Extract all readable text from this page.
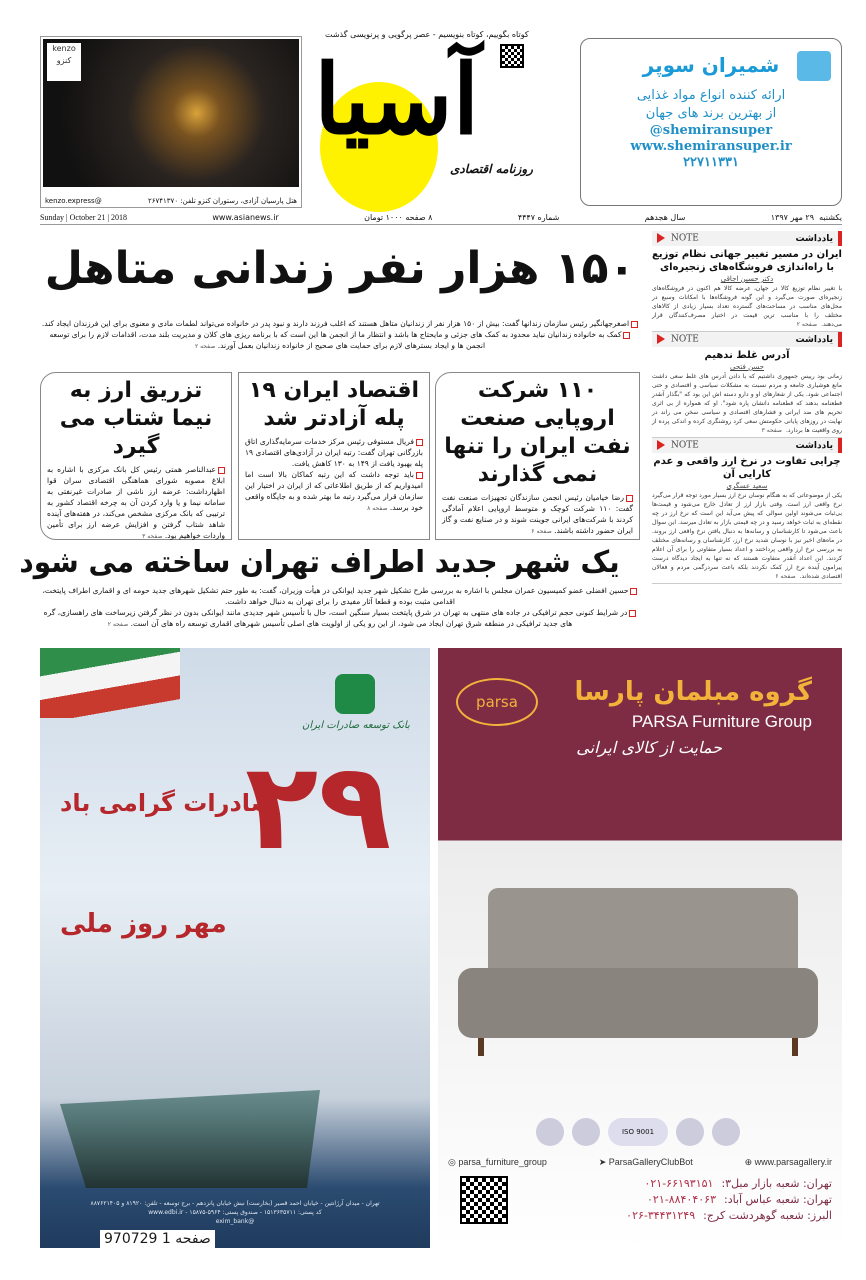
kenzo کنزو
هتل پارسیان آزادی، رستوران کنزو تلفن: ۲۶۷۴۱۳۷۰
@kenzo.express
کوتاه بگوییم، کوتاه بنویسیم - عصر پرگویی و پرنویسی گذشت
آسیا
روزنامه اقتصادی
شمیران سوپر
ارائه کننده انواع مواد غذایی
از بهترین برند های جهان
@shemiransuper
www.shemiransuper.ir
۲۲۷۱۱۳۳۱
یکشنبه  ۲۹ مهر ۱۳۹۷
سال هجدهم
شماره ۴۴۴۷
۸ صفحه ۱۰۰۰ تومان
www.asianews.ir
Sunday | October 21 | 2018
یادداشت
NOTE
ایران در مسیر تغییر جهانی نظام توزیع با راه‌اندازی فروشگاه‌های زنجیره‌ای
دکتر حسین اجاقی

با تغییر نظام توزیع کالا در جهان، عرضه کالا هم اکنون در فروشگاه‌های زنجیره‌ای صورت می‌گیرد و این گونه فروشگاه‌ها با امکانات وسیع در محل‌های مناسب در مساحت‌های گسترده تعداد بسیار زیادی از کالاهای مختلف را با مناسب ترین قیمت در اختیار مصرف‌کنندگان قرار می‌دهند.صفحه ۲

یادداشت
NOTE
آدرس غلط ندهیم
حسن فتحی

زمانی بود رییس جمهوری داشتیم که با دادن آدرس های غلط سعی داشت مانع هوشیاری جامعه و مردم نسبت به مشکلات سیاسی و اقتصادی و حتی اجتماعی شود. یکی از شعارهای او و دارو دسته اش این بود که "بگذار آنقدر قطعنامه بدهند که قطعنامه دانشان پاره شود". او که همواره از بی اثری تحریم های ضد ایرانی و فشارهای اقتصادی و سیاسی سخن می راند در نهایت در روزهای پایانی حکومتش سعی کرد روشنگری کرده و اندکی پرده از روی واقعیت ها بردارد.صفحه ۳

یادداشت
NOTE
چرایی تفاوت در نرخ ارز واقعی و عدم کارایی آن
سعید عسگری

یکی از موضوعاتی که به هنگام نوسان نرخ ارز بسیار مورد توجه قرار می‌گیرد نرخ واقعی ارز است. وقتی بازار ارز از تعادل خارج می‌شود و قیمت‌ها بی‌ثبات می‌شوند اولین سوالی که پیش می‌آید این است که نرخ ارز در چه نقطه‌ای به ثبات خواهد رسید و در چه قیمتی بازار به تعادل میرسد. این سوال باعث می‌شود تا کارشناسان و رسانه‌ها به دنبال یافتن نرخ واقعی ارز بروند. در ماه‌های اخیر نیز با نوسان شدید نرخ ارز، کارشناسان و رسانه‌های مختلف به بررسی نرخ ارز واقعی پرداختند و اعداد بسیار متفاوتی را برای آن اعلام کردند. این اعداد آنقدر متفاوت هستند که نه تنها به ایجاد دیدگاه درست پیرامون آینده نرخ ارز کمک نکردند بلکه باعث سردرگمی مردم و فعالان اقتصادی شده‌اند.صفحه ۶

۱۵۰ هزار نفر زندانی متاهل
اصغرجهانگیر رئیس سازمان زندانها گفت: بیش از ۱۵۰ هزار نفر از زندانیان متاهل هستند که اغلب فرزند دارند و نبود پدر در خانواده می‌تواند لطمات مادی و معنوی برای این فرزندان ایجاد کند.
کمک به خانواده زندانیان نباید محدود به کمک های جزئی و مایحتاج ها باشد و انتظار ما از انجمن ها این است که با برنامه ریزی های کلان و مدیریت بلند مدت، اقدامات لازم را برای توسعه انجمن ها و ایجاد بسترهای لازم برای حمایت های صحیح از خانواده زندانیان بعمل آورند. صفحه ۲
۱۱۰ شرکت اروپایی صنعت نفت ایران را تنها نمی گذارند

رضا خیامیان رئیس انجمن سازندگان تجهیزات صنعت نفت گفت: ۱۱۰ شرکت کوچک و متوسط اروپایی اعلام آمادگی کردند با شرکت‌های ایرانی جوینت شوند و در صنایع نفت و گاز ایران حضور داشته باشند. صفحه ۶

اقتصاد ایران ۱۹ پله آزادتر شد

فریال مستوفی رئیس مرکز خدمات سرمایه‌گذاری اتاق بازرگانی تهران گفت: رتبه ایران در آزادی‌های اقتصادی ۱۹ پله بهبود یافت از ۱۴۹ به ۱۳۰ کاهش یافت.
باید توجه داشت که این رتبه کماکان بالا است اما امیدواریم که از طریق اطلاعاتی که از ایران در اختیار این سازمان قرار می‌گیرد رتبه ما بهتر شده و به جایگاه واقعی خود برسد. صفحه ۸

تزریق ارز به نیما شتاب می گیرد

عبدالناصر همتی رئیس کل بانک مرکزی با اشاره به ابلاغ مصوبه شورای هماهنگی اقتصادی سران قوا اظهارداشت: عرضه ارز ناشی از صادرات غیرنفتی به سامانه نیما و یا وارد کردن آن به چرخه اقتصاد کشور به ترتیبی که بانک مرکزی مشخص می‌کند، در هفته‌های آینده شاهد شتاب گرفتن و افزایش عرضه ارز برای تأمین واردات خواهیم بود. صفحه ۳

یک شهر جدید اطراف تهران ساخته می شود
حسین افضلی عضو کمیسیون عمران مجلس با اشاره به بررسی طرح تشکیل شهر جدید ایوانکی در هیأت وزیران، گفت: به طور حتم تشکیل شهرهای جدید حومه ای و اقماری اطراف پایتخت، اقدامی مثبت بوده و قطعا آثار مفیدی را برای تهران به دنبال خواهد داشت.
در شرایط کنونی حجم ترافیکی در جاده های منتهی به تهران در شرق پایتخت بسیار سنگین است، حال با تأسیس شهر جدیدی مانند ایوانکی بدون در نظر گرفتن زیرساخت های راهسازی، گره های جدید ترافیکی در منطقه شرق تهران ایجاد می شود، از این رو یکی از اولویت های اصلی تأسیس شهرهای اقماری توسعه راه های آن است. صفحه ۲
بانک توسعه صادرات ایران
صادرات گرامی باد
۲۹
مهر روز ملی
تهران - میدان آرژانتین - خیابان احمد قصیر (بخارست) نبش خیابان پانزدهم - برج توسعه - تلفن: ۸۱۹۲۰ و ۸۸۷۶۲۱۴۰۵
کد پستی: ۱۵۱۳۶۳۵۷۱۱ - صندوق پستی: ۵۹۶۴-۱۵۸۷۵ - www.edbi.ir
@exim_bank
صفحه 1 970729
parsa	گروه مبلمان پارسا
PARSA Furniture Group
حمایت از کالای ایرانی
ISO 9001
◎ parsa_furniture_group	➤ ParsaGalleryClubBot	⊕ www.parsagallery.ir
تهران: شعبه بازار مبل۳:۰۲۱-۶۶۱۹۳۱۵۱
تهران: شعبه عباس آباد:۰۲۱-۸۸۴۰۴۰۶۳
البرز: شعبه گوهردشت کرج:۰۲۶-۳۴۴۳۱۲۴۹
